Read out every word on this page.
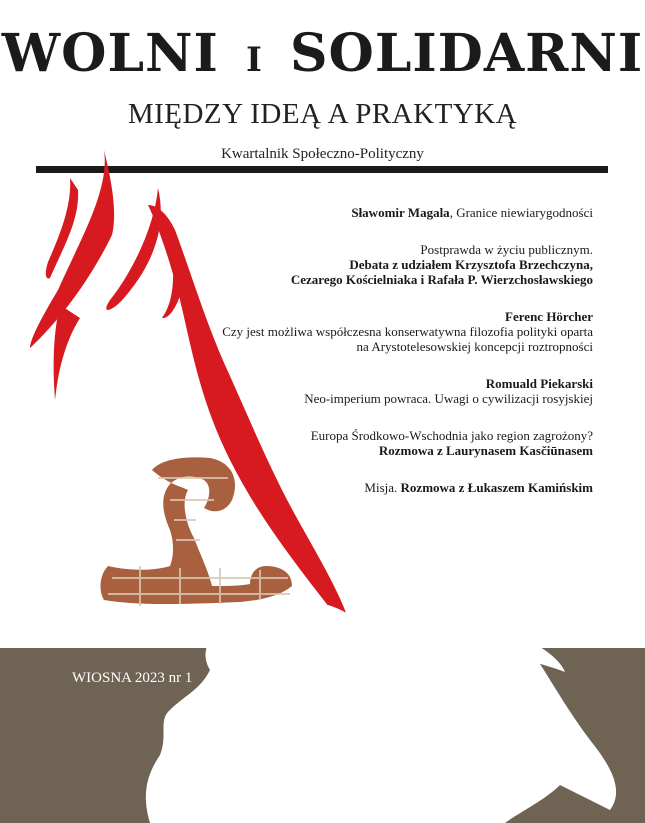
WOLNI I SOLIDARNI
MIĘDZY IDEĄ A PRAKTYKĄ
Kwartalnik Społeczno-Polityczny
Sławomir Magala, Granice niewiarygodności
Postprawda w życiu publicznym.
Debata z udziałem Krzysztofa Brzechczyna,
Cezarego Kościelniaka i Rafała P. Wierzchosławskiego
Ferenc Hörcher
Czy jest możliwa współczesna konserwatywna filozofia polityki oparta
na Arystotelesowskiej koncepcji roztropności
Romuald Piekarski
Neo-imperium powraca. Uwagi o cywilizacji rosyjskiej
Europa Środkowo-Wschodnia jako region zagrożony?
Rozmowa z Laurynasem Kasčiūnasem
Misja. Rozmowa z Łukaszem Kamińskim
WIOSNA 2023 nr 1
